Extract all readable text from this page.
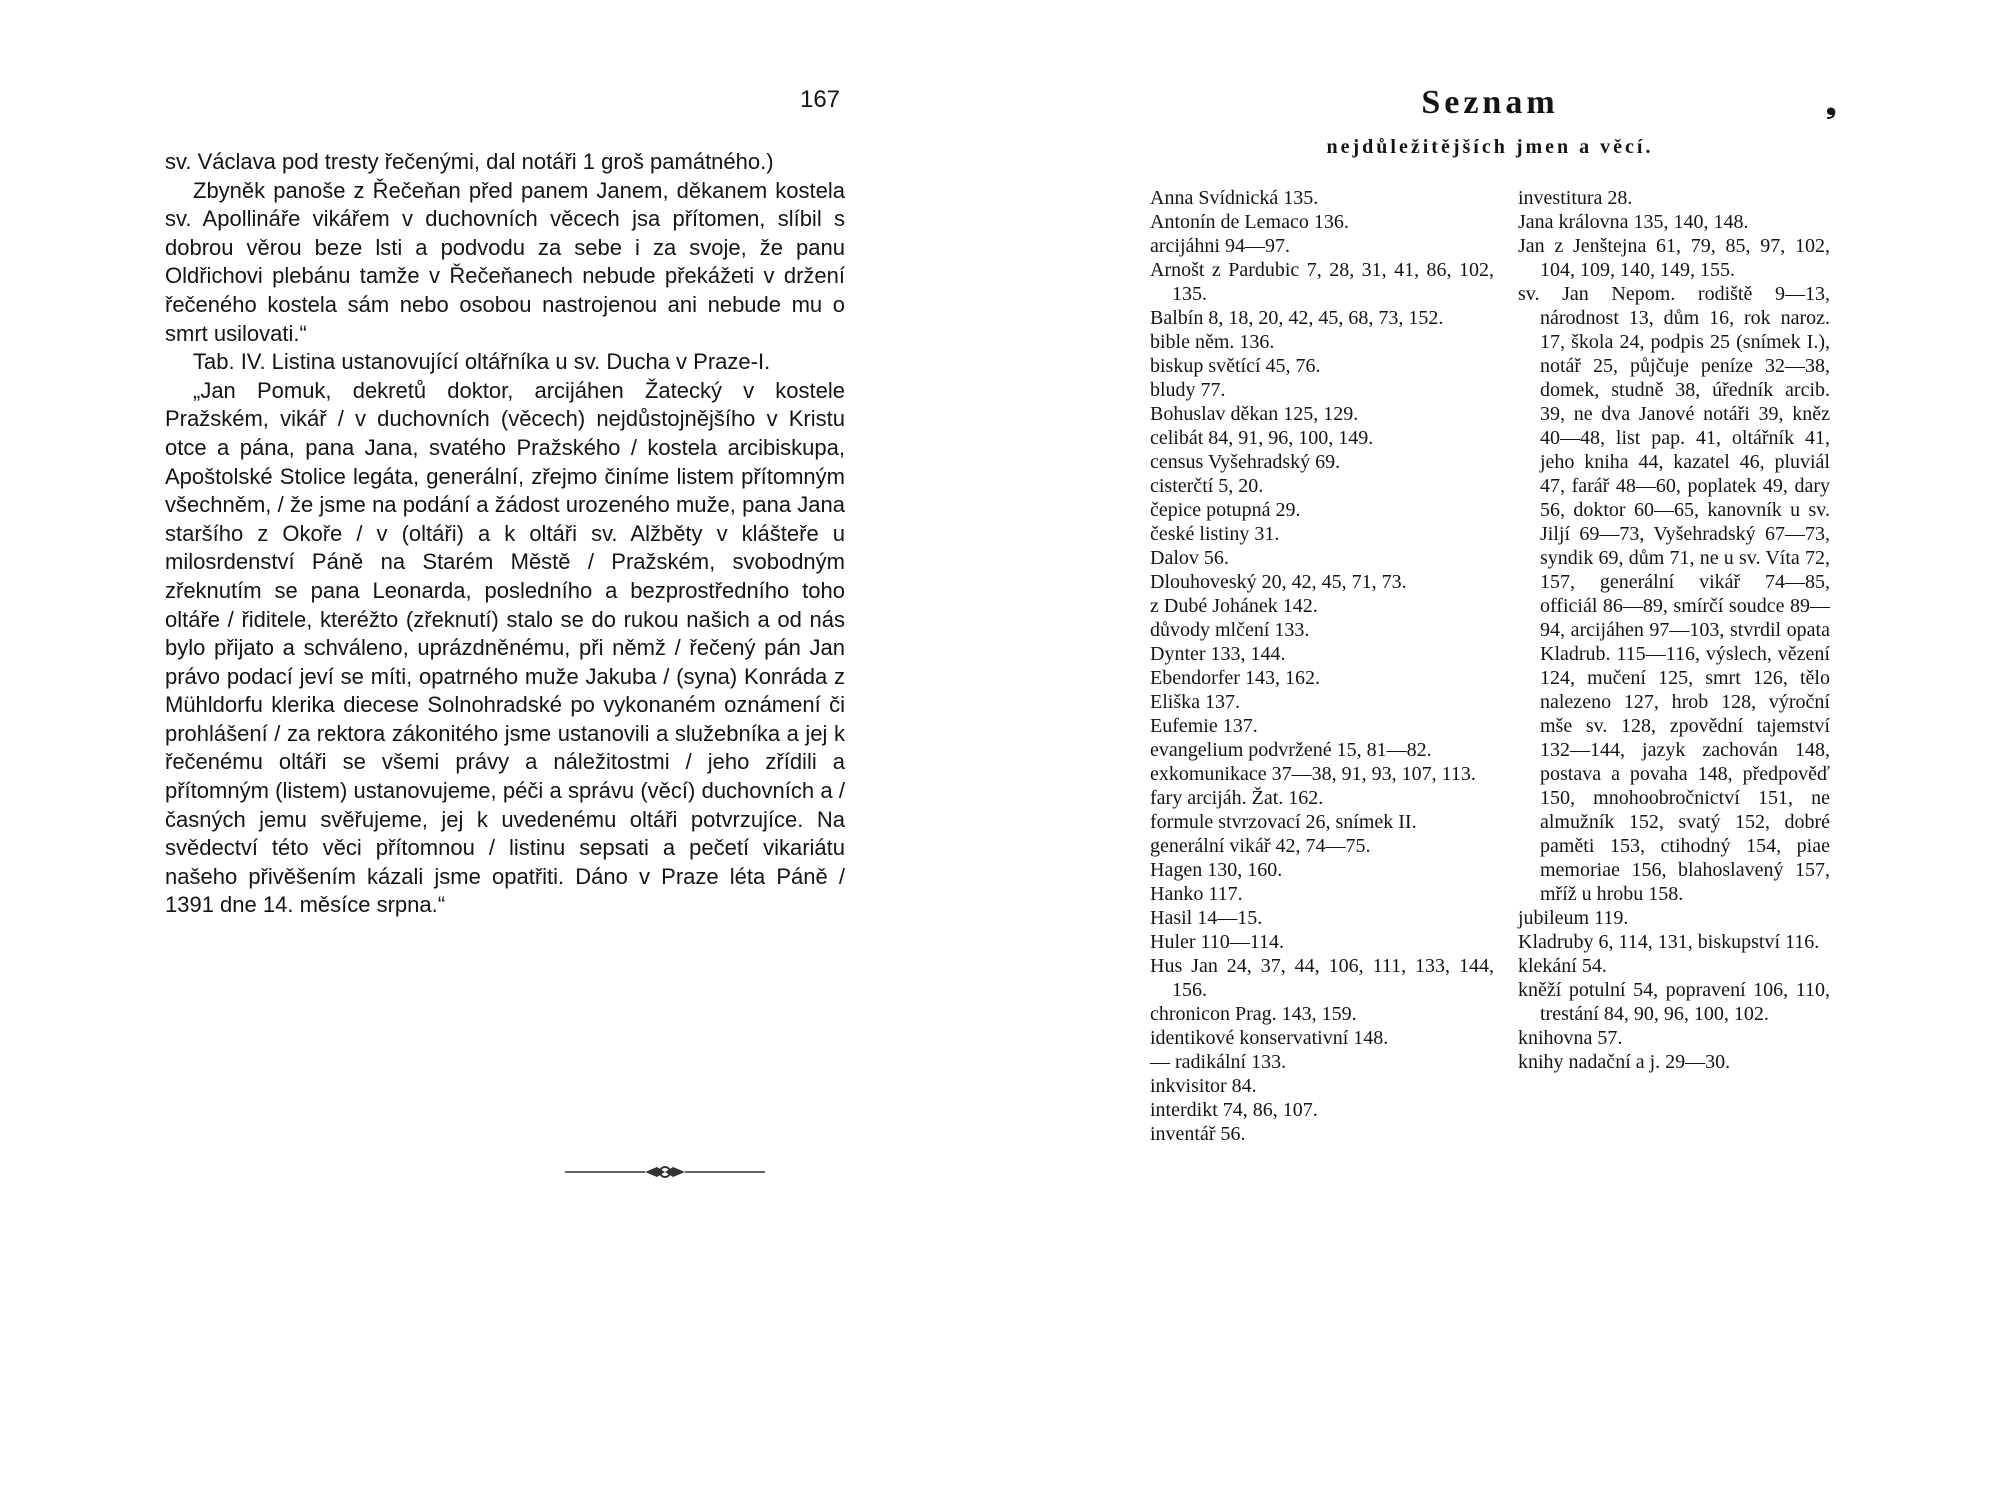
167

sv. Václava pod tresty řečenými, dal notáři 1 groš památného.)

Zbyněk panoše z Řečeňan před panem Janem, děkanem kostela sv. Apollináře vikářem v duchovních věcech jsa přítomen, slíbil s dobrou věrou beze lsti a podvodu za sebe i za svoje, že panu Oldřichovi plebánu tamže v Řečeňanech nebude překážeti v držení řečeného kostela sám nebo osobou nastrojenou ani nebude mu o smrt usilovati.“

Tab. IV. Listina ustanovující oltářníka u sv. Ducha v Praze-I.

„Jan Pomuk, dekretů doktor, arcijáhen Žatecký v kostele Pražském, vikář / v duchovních (věcech) nejdůstojnějšího v Kristu otce a pána, pana Jana, svatého Pražského / kostela arcibiskupa, Apoštolské Stolice legáta, generální, zřejmo činíme listem přítomným všechněm, / že jsme na podání a žádost urozeného muže, pana Jana staršího z Okoře / v (oltáři) a k oltáři sv. Alžběty v klášteře u milosrdenství Páně na Starém Městě / Pražském, svobodným zřeknutím se pana Leonarda, posledního a bezprostředního toho oltáře / řiditele, kteréžto (zřeknutí) stalo se do rukou našich a od nás bylo přijato a schváleno, uprázdněnému, při němž / řečený pán Jan právo podací jeví se míti, opatrného muže Jakuba / (syna) Konráda z Mühldorfu klerika diecese Solnohradské po vykonaném oznámení či prohlášení / za rektora zákonitého jsme ustanovili a služebníka a jej k řečenému oltáři se všemi právy a náležitostmi / jeho zřídili a přítomným (listem) ustanovujeme, péči a správu (věcí) duchovních a / časných jemu svěřujeme, jej k uvedenému oltáři potvrzujíce. Na svědectví této věci přítomnou / listinu sepsati a pečetí vikariátu našeho přivěšením kázali jsme opatřiti. Dáno v Praze léta Páně / 1391 dne 14. měsíce srpna.“

Seznam	❟
nejdůležitějších jmen a věcí.

Anna Svídnická 135.

Antonín de Lemaco 136.

arcijáhni 94—97.

Arnošt z Pardubic 7, 28, 31, 41, 86, 102, 135.

Balbín 8, 18, 20, 42, 45, 68, 73, 152.

bible něm. 136.

biskup světící 45, 76.

bludy 77.

Bohuslav děkan 125, 129.

celibát 84, 91, 96, 100, 149.

census Vyšehradský 69.

cisterčtí 5, 20.

čepice potupná 29.

české listiny 31.

Dalov 56.

Dlouhoveský 20, 42, 45, 71, 73.

z Dubé Johánek 142.

důvody mlčení 133.

Dynter 133, 144.

Ebendorfer 143, 162.

Eliška 137.

Eufemie 137.

evangelium podvržené 15, 81—82.

exkomunikace 37—38, 91, 93, 107, 113.

fary arcijáh. Žat. 162.

formule stvrzovací 26, snímek II.

generální vikář 42, 74—75.

Hagen 130, 160.

Hanko 117.

Hasil 14—15.

Huler 110—114.

Hus Jan 24, 37, 44, 106, 111, 133, 144, 156.

chronicon Prag. 143, 159.

identikové konservativní 148.

— radikální 133.

inkvisitor 84.

interdikt 74, 86, 107.

inventář 56.

investitura 28.

Jana královna 135, 140, 148.

Jan z Jenštejna 61, 79, 85, 97, 102, 104, 109, 140, 149, 155.

sv. Jan Nepom. rodiště 9—13, národnost 13, dům 16, rok naroz. 17, škola 24, podpis 25 (snímek I.), notář 25, půjčuje peníze 32—38, domek, studně 38, úředník arcib. 39, ne dva Janové notáři 39, kněz 40—48, list pap. 41, oltářník 41, jeho kniha 44, kazatel 46, pluviál 47, farář 48—60, poplatek 49, dary 56, doktor 60—65, kanovník u sv. Jiljí 69—73, Vyšehradský 67—73, syndik 69, dům 71, ne u sv. Víta 72, 157, generální vikář 74—85, officiál 86—89, smírčí soudce 89—94, arcijáhen 97—103, stvrdil opata Kladrub. 115—116, výslech, vězení 124, mučení 125, smrt 126, tělo nalezeno 127, hrob 128, výroční mše sv. 128, zpovědní tajemství 132—144, jazyk zachován 148, postava a povaha 148, předpověď 150, mnohoobročnictví 151, ne almužník 152, svatý 152, dobré paměti 153, ctihodný 154, piae memoriae 156, blahoslavený 157, mříž u hrobu 158.

jubileum 119.

Kladruby 6, 114, 131, biskupství 116.

klekání 54.

kněží potulní 54, popravení 106, 110, trestání 84, 90, 96, 100, 102.

knihovna 57.

knihy nadační a j. 29—30.
